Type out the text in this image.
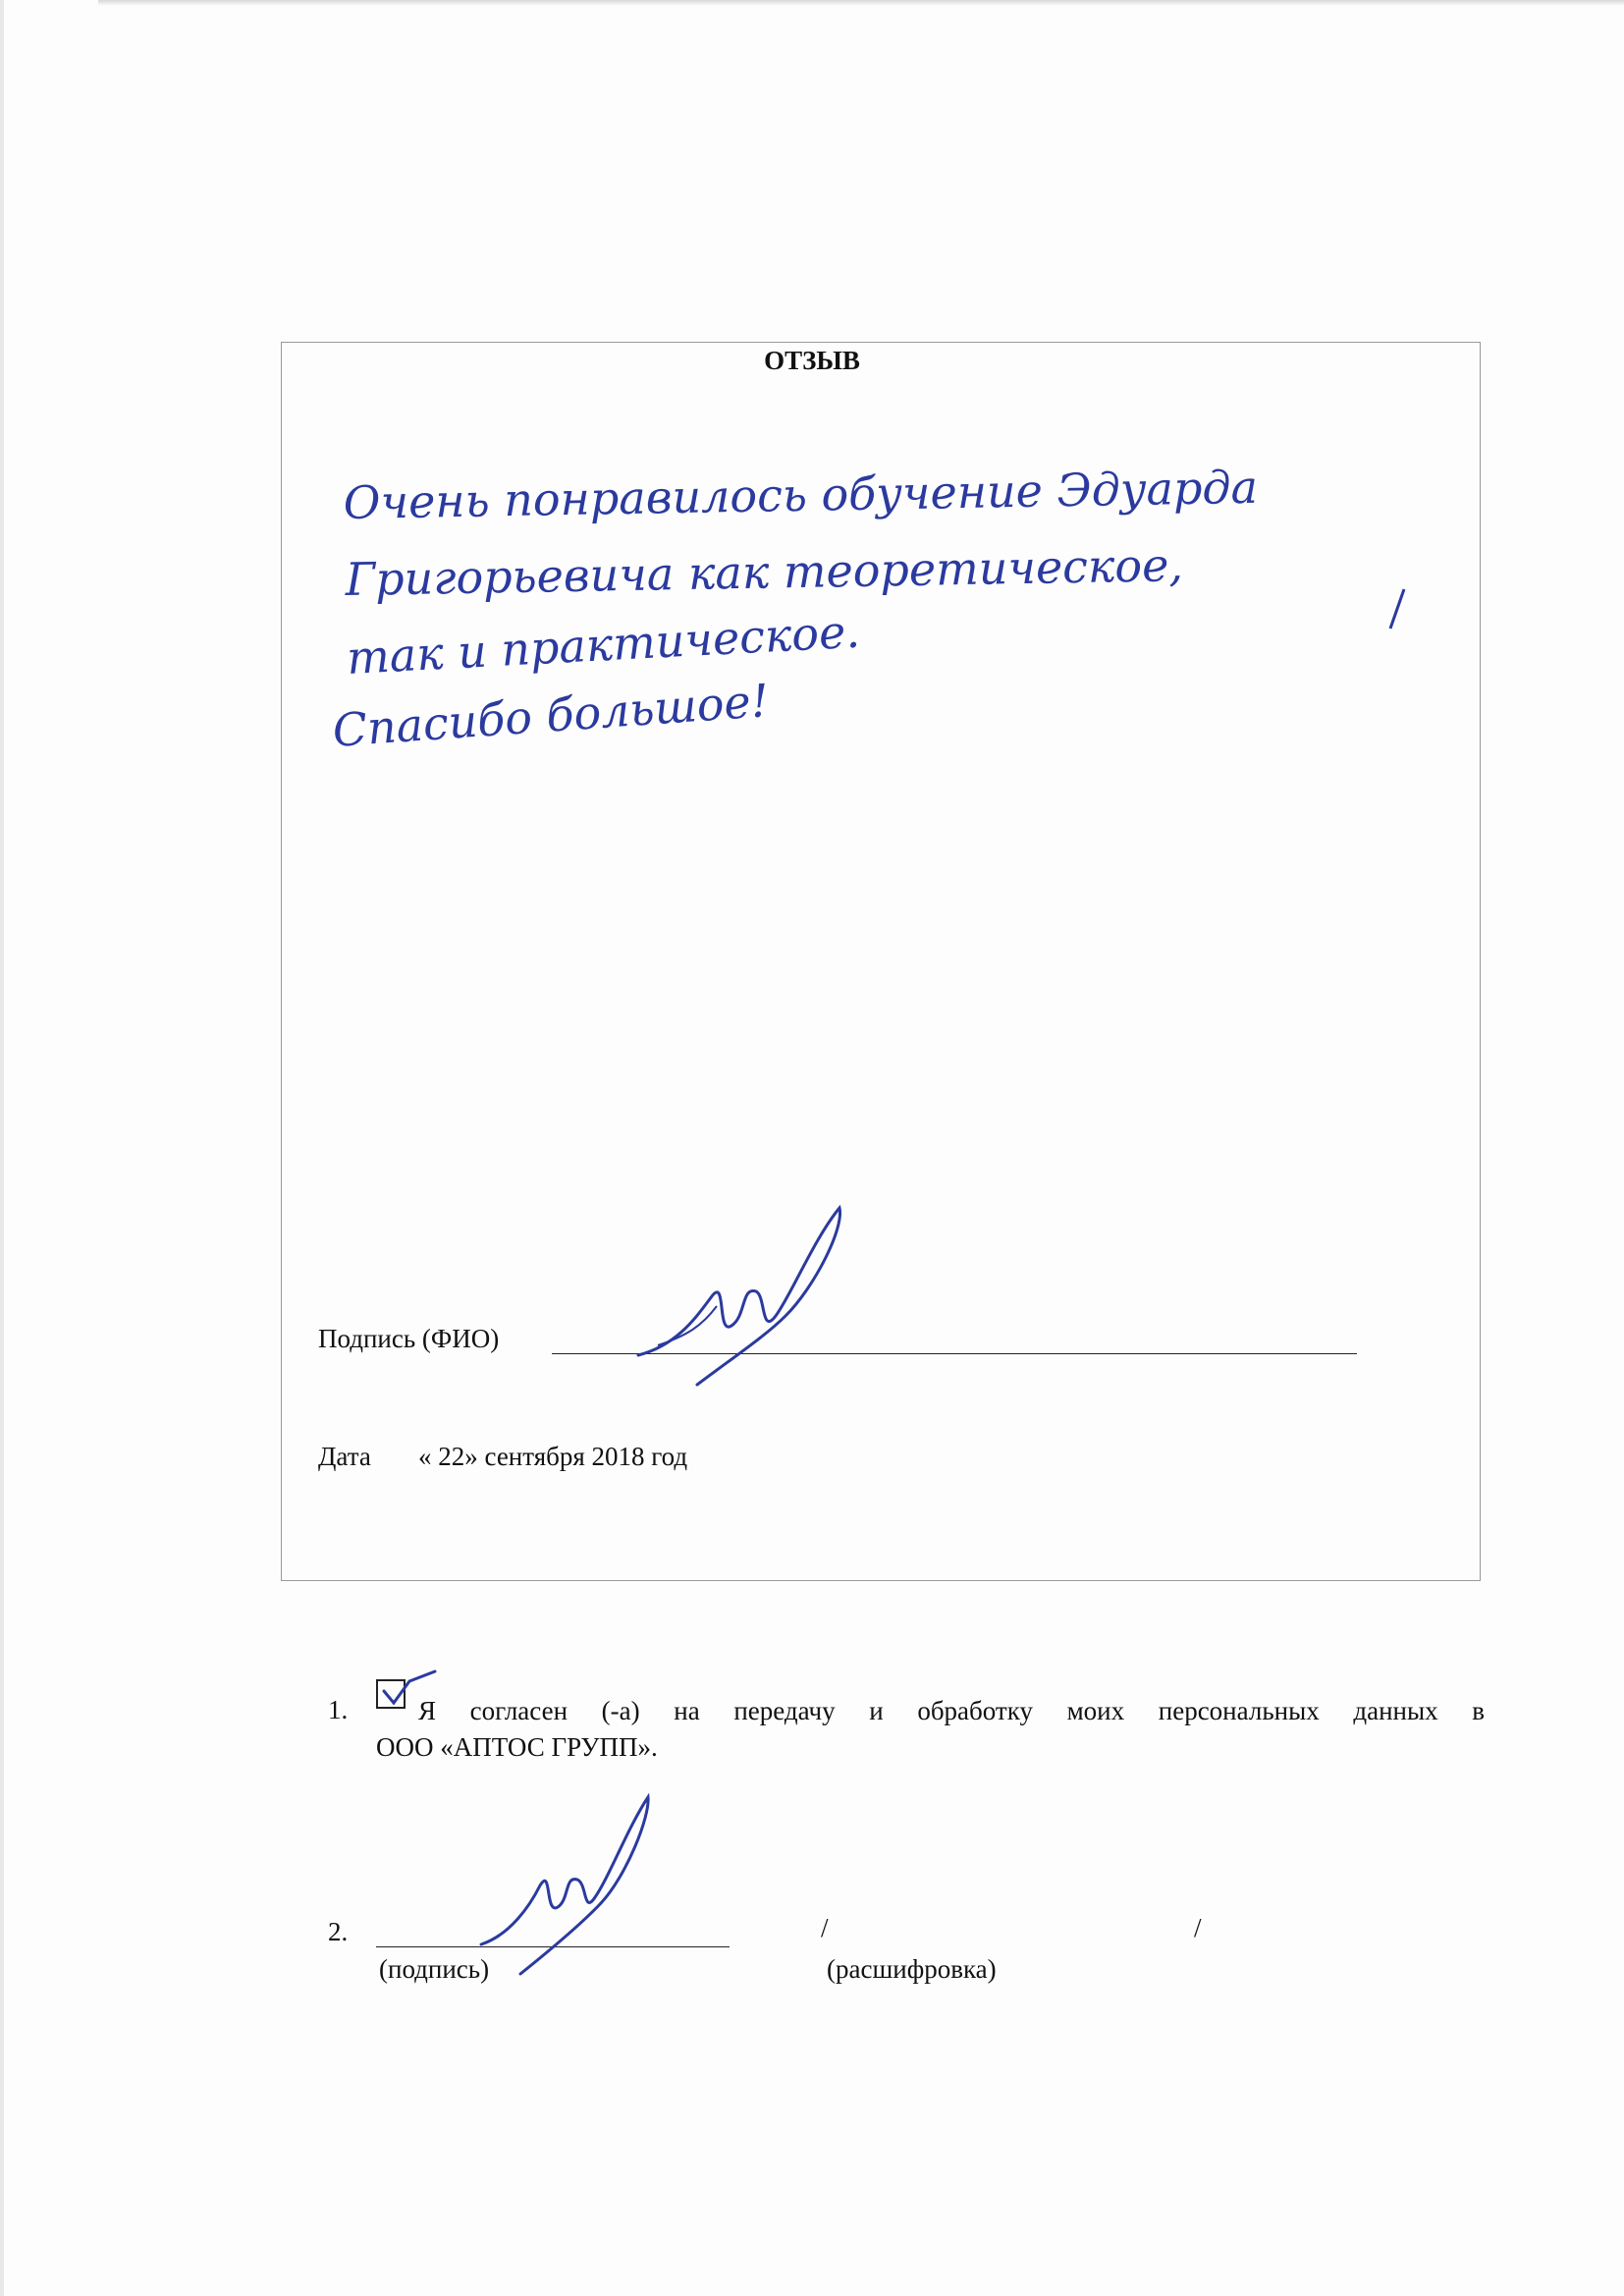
ОТЗЫВ
Очень понравилось обучение Эдуарда
Григорьевича как теоретическое,
так и практическое.
Спасибо большое!
Подпись (ФИО)
Дата « 22» сентября 2018 год
1.	Я согласен (-а) на передачу и обработку моих персональных данных в
ООО «АПТОС ГРУПП».
2.	/	/
(подпись)	(расшифровка)
